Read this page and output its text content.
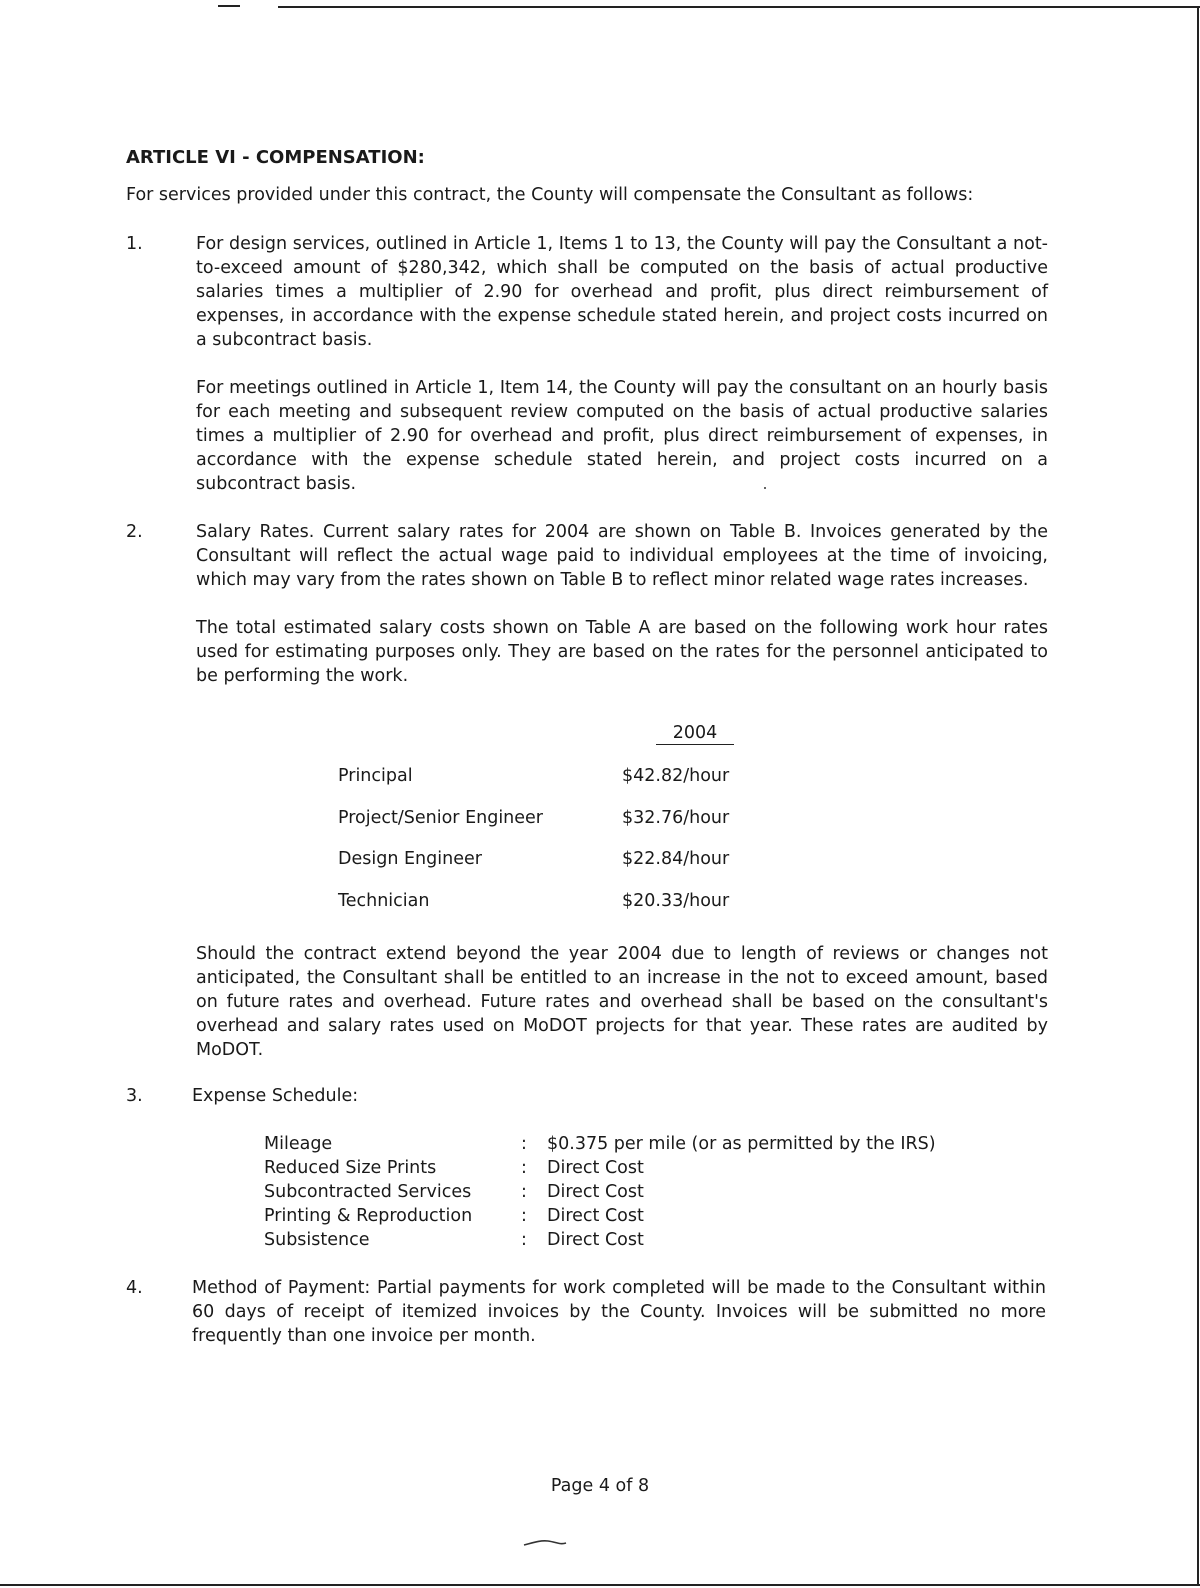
ARTICLE VI - COMPENSATION:
For services provided under this contract, the County will compensate the Consultant as follows:
1.	For design services, outlined in Article 1, Items 1 to 13, the County will pay the Consultant a not-to-exceed amount of $280,342, which shall be computed on the basis of actual productive salaries times a multiplier of 2.90 for overhead and profit, plus direct reimbursement of expenses, in accordance with the expense schedule stated herein, and project costs incurred on a subcontract basis.
For meetings outlined in Article 1, Item 14, the County will pay the consultant on an hourly basis for each meeting and subsequent review computed on the basis of actual productive salaries times a multiplier of 2.90 for overhead and profit, plus direct reimbursement of expenses, in accordance with the expense schedule stated herein, and project costs incurred on a subcontract basis.
2.	Salary Rates. Current salary rates for 2004 are shown on Table B. Invoices generated by the Consultant will reflect the actual wage paid to individual employees at the time of invoicing, which may vary from the rates shown on Table B to reflect minor related wage rates increases.
The total estimated salary costs shown on Table A are based on the following work hour rates used for estimating purposes only. They are based on the rates for the personnel anticipated to be performing the work.
2004
Principal	$42.82/hour
Project/Senior Engineer	$32.76/hour
Design Engineer	$22.84/hour
Technician	$20.33/hour
Should the contract extend beyond the year 2004 due to length of reviews or changes not anticipated, the Consultant shall be entitled to an increase in the not to exceed amount, based on future rates and overhead. Future rates and overhead shall be based on the consultant's overhead and salary rates used on MoDOT projects for that year. These rates are audited by MoDOT.
3.	Expense Schedule:
Mileage	: $0.375 per mile (or as permitted by the IRS)
Reduced Size Prints	: Direct Cost
Subcontracted Services	: Direct Cost
Printing & Reproduction	: Direct Cost
Subsistence	: Direct Cost
4.	Method of Payment: Partial payments for work completed will be made to the Consultant within 60 days of receipt of itemized invoices by the County. Invoices will be submitted no more frequently than one invoice per month.
Page 4 of 8
